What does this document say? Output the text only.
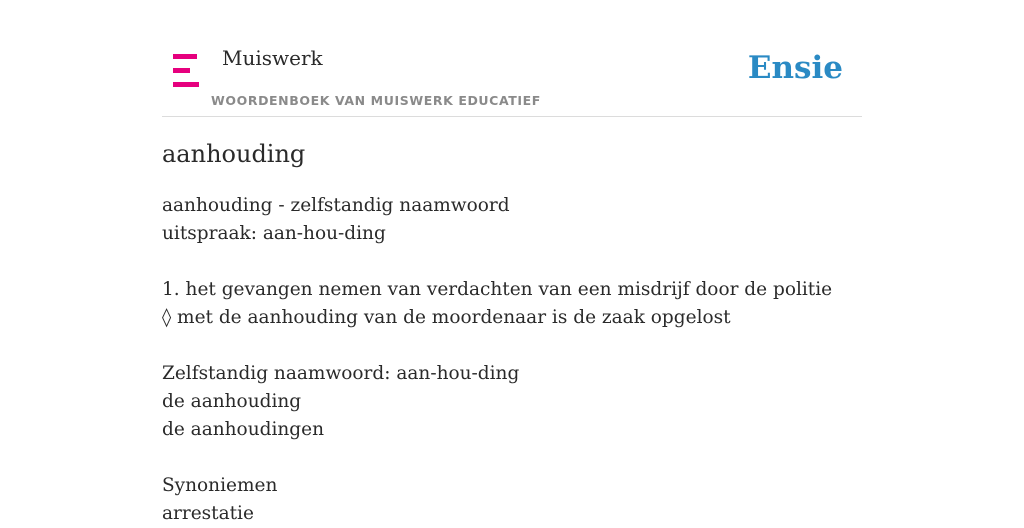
Muiswerk
WOORDENBOEK VAN MUISWERK EDUCATIEF
Ensie
aanhouding
aanhouding - zelfstandig naamwoord
uitspraak: aan-hou-ding
1. het gevangen nemen van verdachten van een misdrijf door de politie
◊ met de aanhouding van de moordenaar is de zaak opgelost
Zelfstandig naamwoord: aan-hou-ding
de aanhouding
de aanhoudingen
Synoniemen
arrestatie
